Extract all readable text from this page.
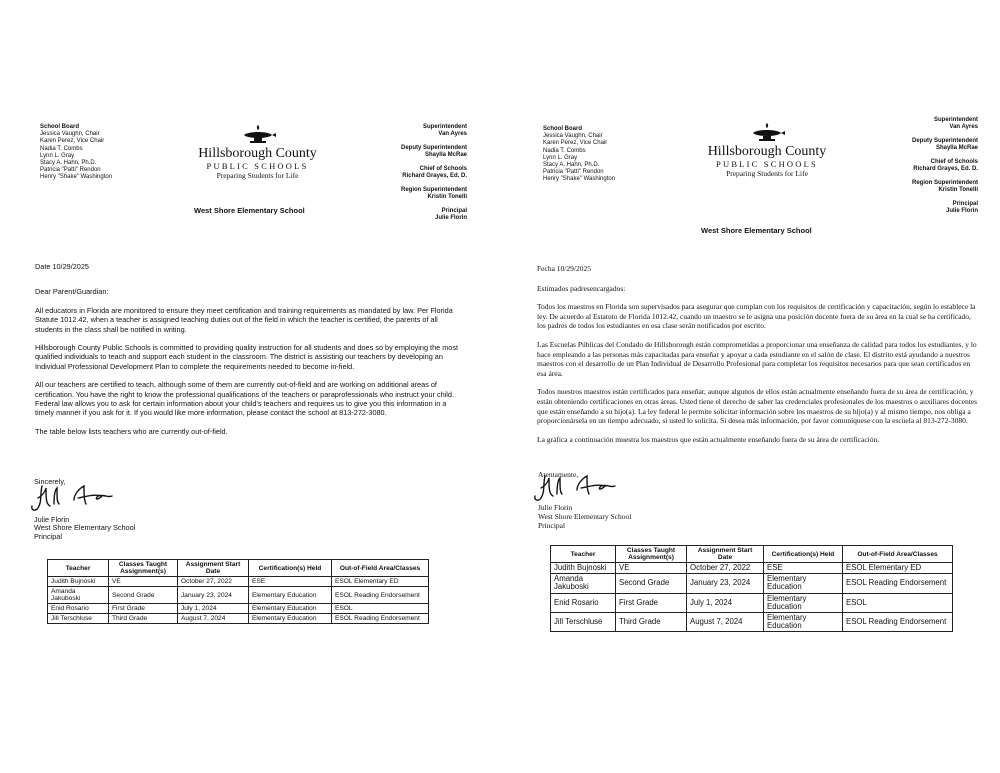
School Board
Jessica Vaughn, Chair
Karen Perez, Vice Chair
Nadia T. Combs
Lynn L. Gray
Stacy A. Hahn, Ph.D.
Patricia "Patti" Rendon
Henry "Shake" Washington
Hillsborough County
PUBLIC SCHOOLS
Preparing Students for Life
West Shore Elementary School
Superintendent
Van Ayres
Deputy Superintendent
Shaylla McRae
Chief of Schools
Richard Grayes, Ed. D.
Region Superintendent
Kristin Tonelli
Principal
Julie Florin

Date 10/29/2025

Dear Parent/Guardian:

All educators in Florida are monitored to ensure they meet certification and training requirements as mandated by law. Per Florida Statute 1012.42, when a teacher is assigned teaching duties out of the field in which the teacher is certified, the parents of all students in the class shall be notified in writing.

Hillsborough County Public Schools is committed to providing quality instruction for all students and does so by employing the most qualified individuals to teach and support each student in the classroom. The district is assisting our teachers by developing an Individual Professional Development Plan to complete the requirements needed to become in-field.

All our teachers are certified to teach, although some of them are currently out-of-field and are working on additional areas of certification. You have the right to know the professional qualifications of the teachers or paraprofessionals who instruct your child. Federal law allows you to ask for certain information about your child's teachers and requires us to give you this information in a timely manner if you ask for it. If you would like more information, please contact the school at 813-272-3080.

The table below lists teachers who are currently out-of-field.

Sincerely,
Julie Florin
West Shore Elementary School
Principal
Teacher	Classes Taught Assignment(s)	Assignment Start Date	Certification(s) Held	Out-of-Field Area/Classes
Judith Bujnoski	VE	October 27, 2022	ESE	ESOL Elementary ED
Amanda Jakuboski	Second Grade	January 23, 2024	Elementary Education	ESOL Reading Endorsement
Enid Rosario	First Grade	July 1, 2024	Elementary Education	ESOL
Jill Terschluse	Third Grade	August 7, 2024	Elementary Education	ESOL Reading Endorsement
School Board
Jessica Vaughn, Chair
Karen Perez, Vice Chair
Nadia T. Combs
Lynn L. Gray
Stacy A. Hahn, Ph.D.
Patricia "Patti" Rendon
Henry "Shake" Washington
Hillsborough County
PUBLIC SCHOOLS
Preparing Students for Life
West Shore Elementary School
Superintendent
Van Ayres
Deputy Superintendent
Shaylla McRae
Chief of Schools
Richard Grayes, Ed. D.
Region Superintendent
Kristin Tonelli
Principal
Julie Florin

Fecha 10/29/2025

Estimados padresencargados:

Todos los maestros en Florida son supervisados para asegurar que cumplan con los requisitos de certificación y capacitación, según lo establece la ley. De acuerdo al Estatuto de Florida 1012.42, cuando un maestro se le asigna una posición docente fuera de su área en la cual se ha certificado, los padres de todos los estudiantes en esa clase serán notificados por escrito.

Las Escuelas Públicas del Condado de Hillsborough están comprometidas a proporcionar una enseñanza de calidad para todos los estudiantes, y lo hace empleando a las personas más capacitadas para enseñar y apoyar a cada estudiante en el salón de clase. El distrito está ayudando a nuestros maestros con el desarrollo de un Plan Individual de Desarrollo Profesional para completar los requisitos necesarios para que sean certificados en esa área.

Todos nuestros maestros están certificados para enseñar, aunque algunos de ellos están actualmente enseñando fuera de su área de certificación, y están obteniendo certificaciones en otras áreas. Usted tiene el derecho de saber las credenciales profesionales de los maestros o auxiliares docentes que están enseñando a su hijo(a). La ley federal le permite solicitar información sobre los maestros de su hijo(a) y al mismo tiempo, nos obliga a proporcionársela en un tiempo adecuado, si usted lo solicita. Si desea más información, por favor comuníquese con la escuela al 813-272-3080.

La gráfica a continuación muestra los maestros que están actualmente enseñando fuera de su área de certificación.

Atentamente,
Julie Florin
West Shore Elementary School
Principal
Teacher	Classes Taught Assignment(s)	Assignment Start Date	Certification(s) Held	Out-of-Field Area/Classes
Judith Bujnoski	VE	October 27, 2022	ESE	ESOL Elementary ED
Amanda Jakuboski	Second Grade	January 23, 2024	Elementary Education	ESOL Reading Endorsement
Enid Rosario	First Grade	July 1, 2024	Elementary Education	ESOL
Jill Terschluse	Third Grade	August 7, 2024	Elementary Education	ESOL Reading Endorsement
